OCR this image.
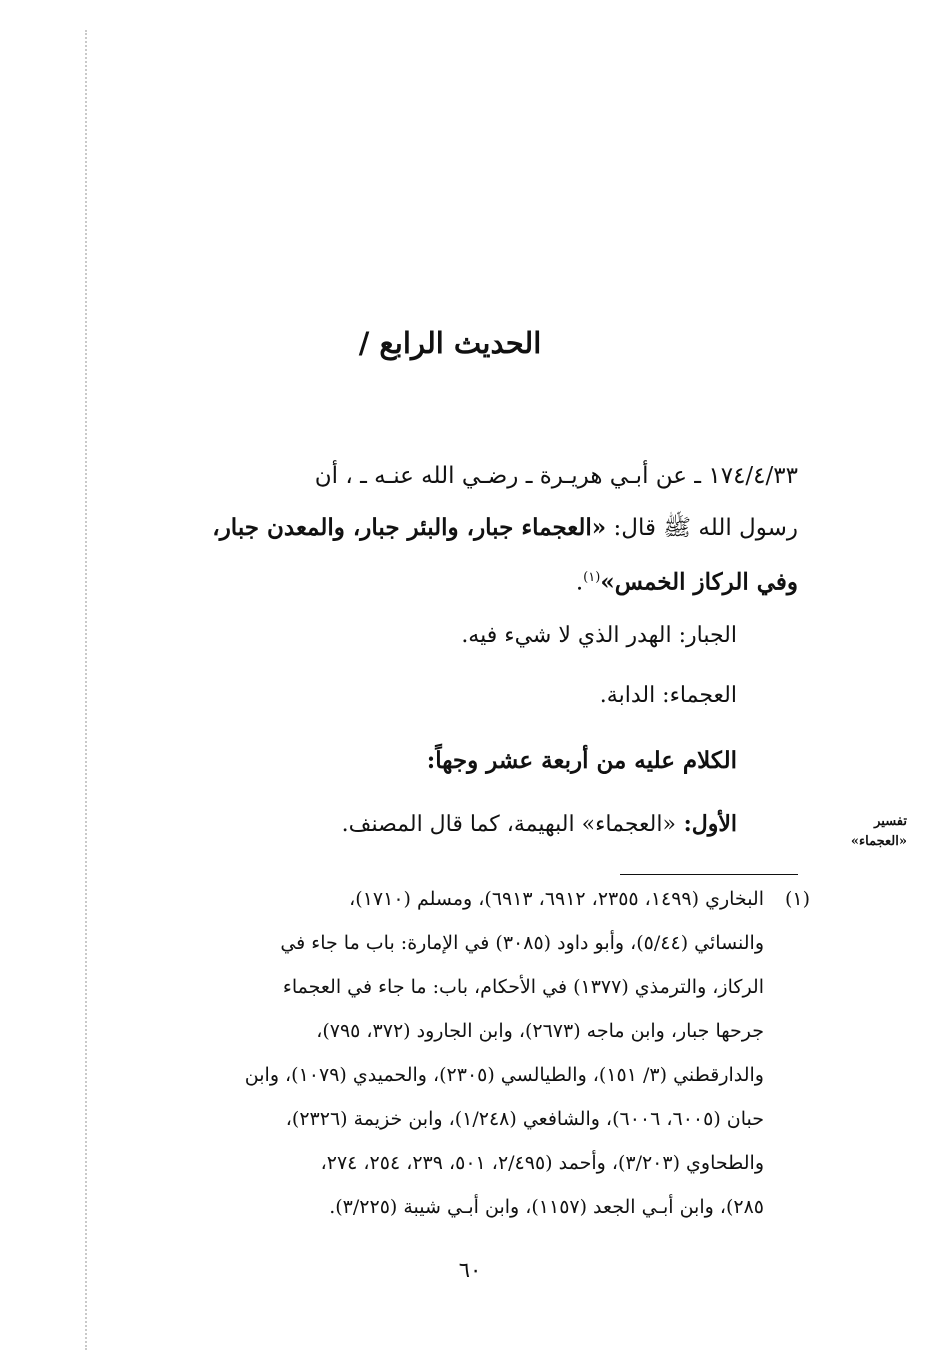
الحديث الرابع /
١٧٤/٤/٣٣ ـ عن أبـي هريـرة ـ رضـي الله عنـه ـ ، أن
رسول الله ﷺ قال: «العجماء جبار، والبئر جبار، والمعدن جبار،
وفي الركاز الخمس»$^{(١)}$.
الجبار: الهدر الذي لا شيء فيه.
العجماء: الدابة.
الكلام عليه من أربعة عشر وجهاً:
الأول: «العجماء» البهيمة، كما قال المصنف.	تفسير
«العجماء»
(١)البخاري (١٤٩٩، ٢٣٥٥، ٦٩١٢، ٦٩١٣)، ومسلم (١٧١٠)،
والنسائي (٥/٤٤)، وأبو داود (٣٠٨٥) في الإمارة: باب ما جاء في
الركاز، والترمذي (١٣٧٧) في الأحكام، باب: ما جاء في العجماء
جرحها جبار، وابن ماجه (٢٦٧٣)، وابن الجارود (٣٧٢، ٧٩٥)،
والدارقطني (٣/ ١٥١)، والطيالسي (٢٣٠٥)، والحميدي (١٠٧٩)، وابن
حبان (٦٠٠٥، ٦٠٠٦)، والشافعي (١/٢٤٨)، وابن خزيمة (٢٣٢٦)،
والطحاوي (٣/٢٠٣)، وأحمد (٢/٤٩٥، ٥٠١، ٢٣٩، ٢٥٤، ٢٧٤،
٢٨٥)، وابن أبـي الجعد (١١٥٧)، وابن أبـي شيبة (٣/٢٢٥).
٦٠
